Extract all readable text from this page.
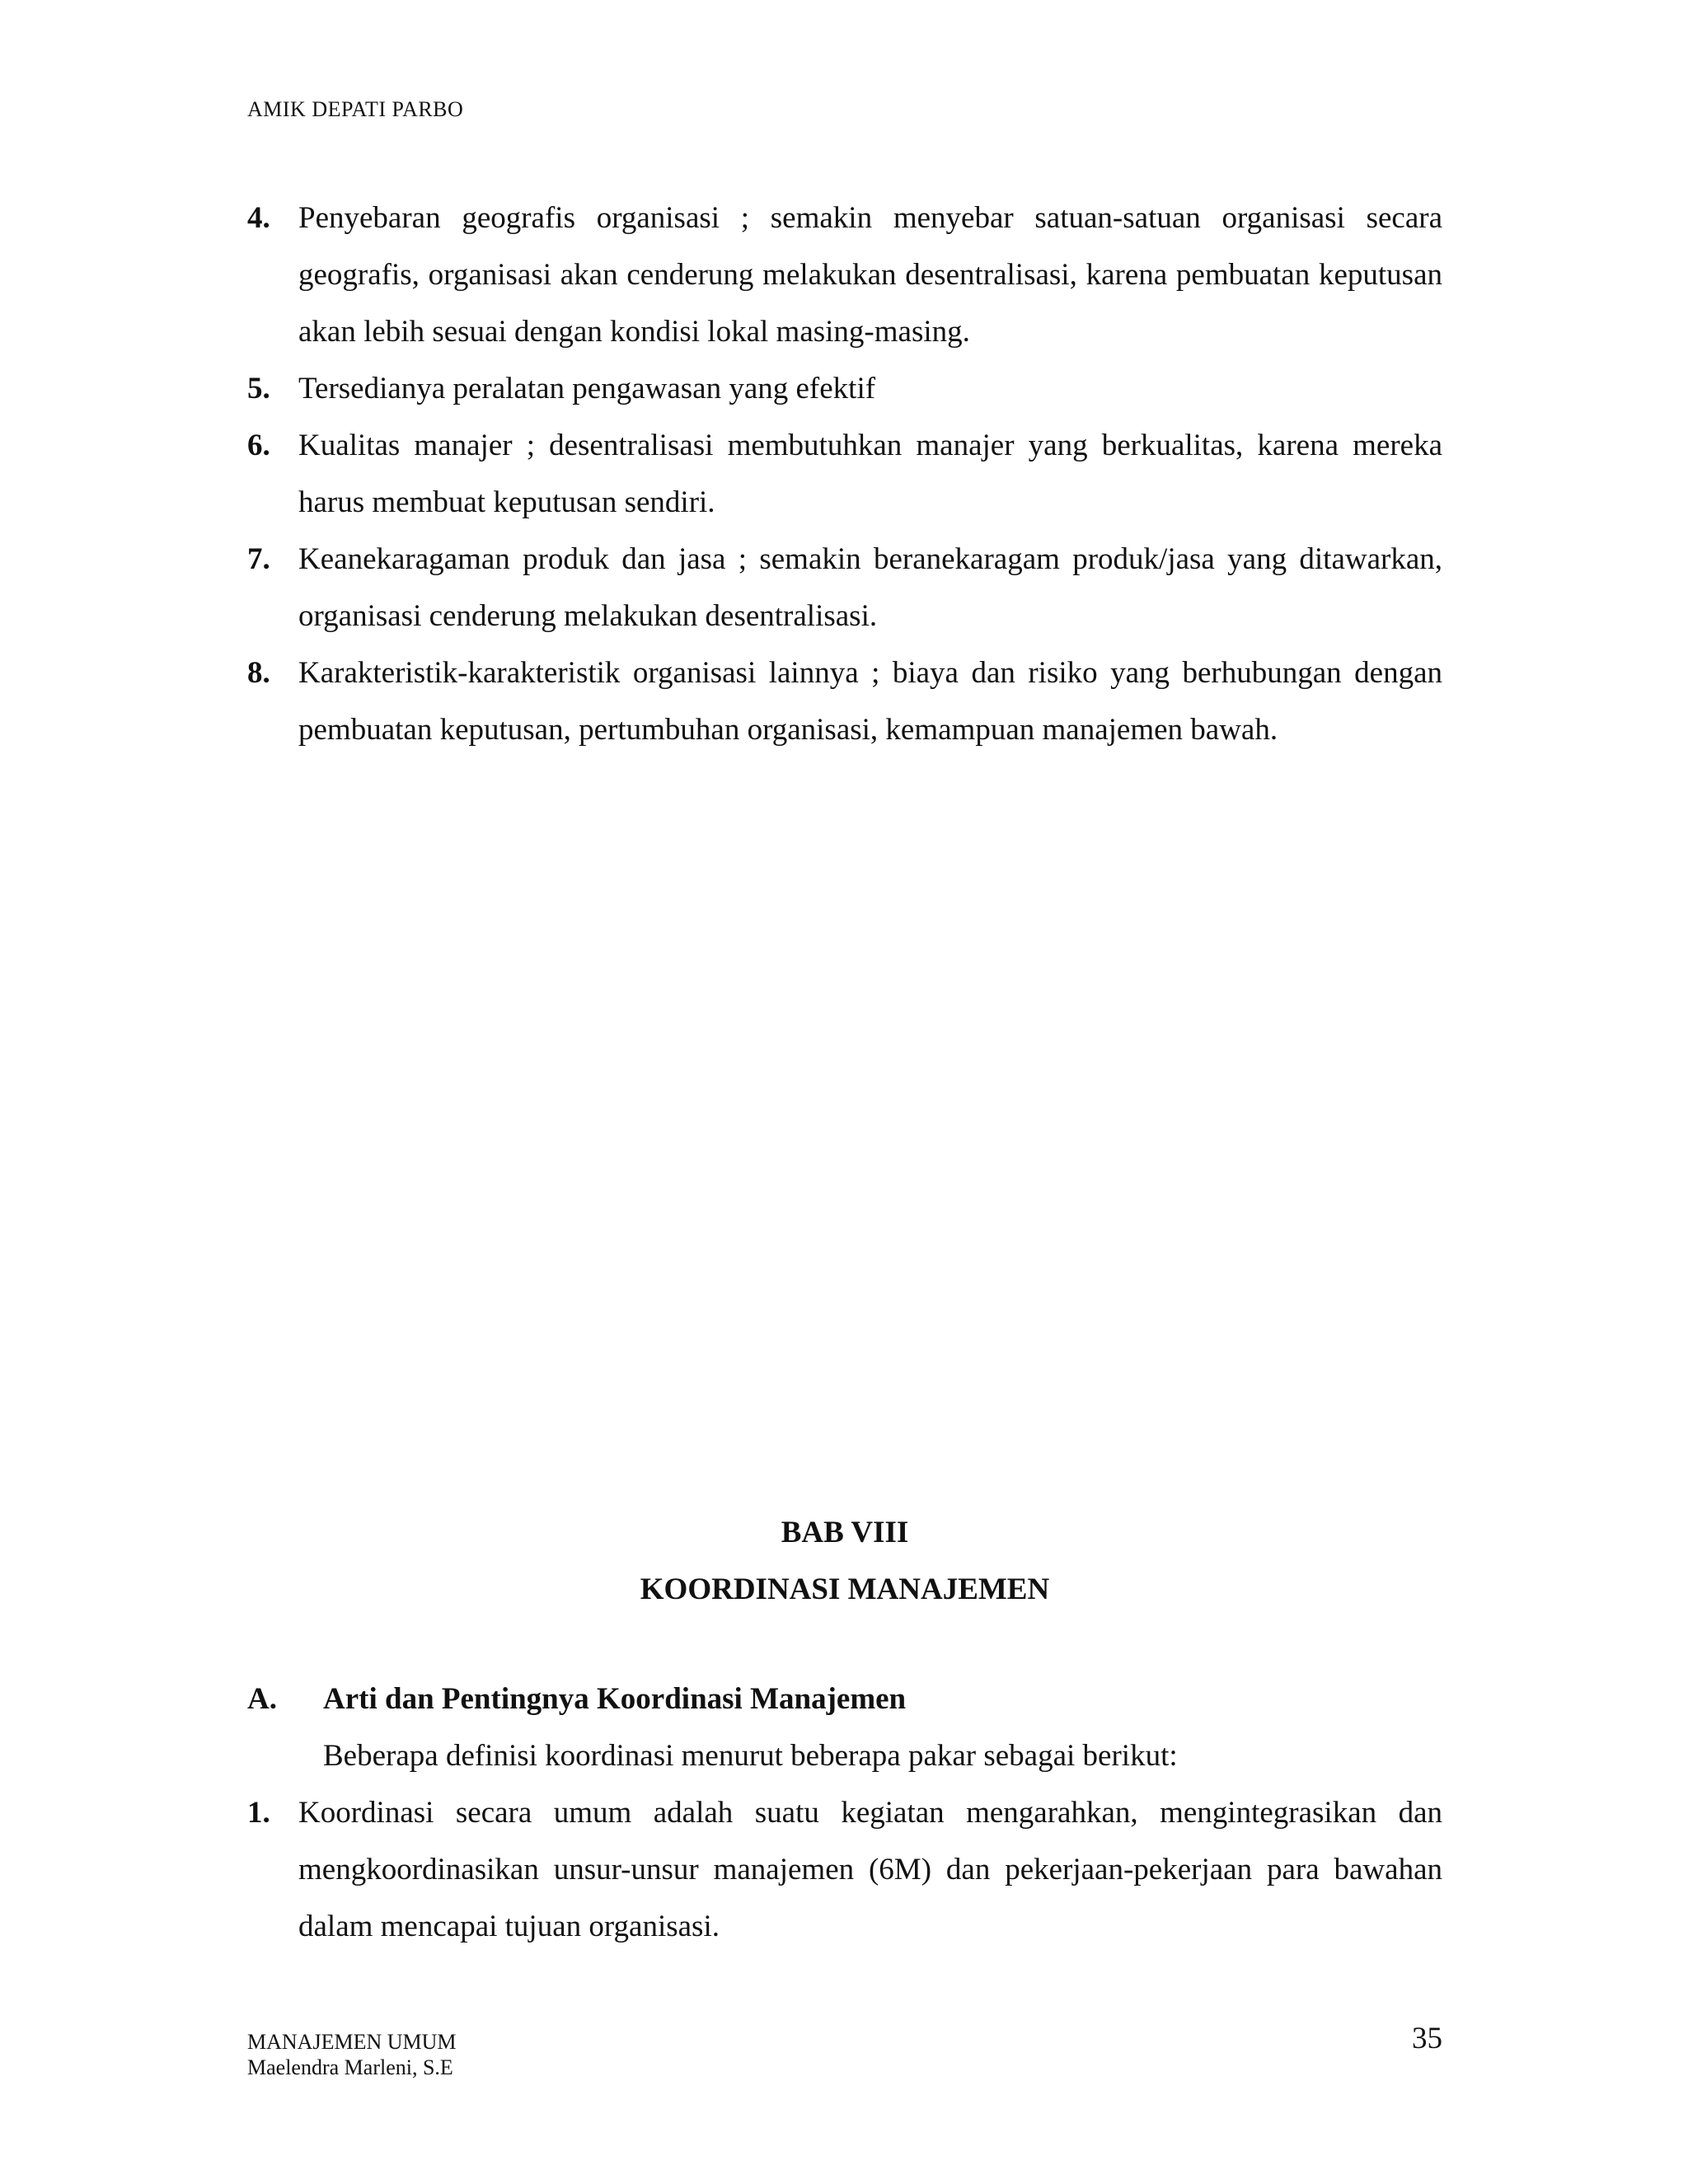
AMIK DEPATI PARBO
4. Penyebaran geografis organisasi ; semakin menyebar satuan-satuan organisasi secara geografis, organisasi akan cenderung melakukan desentralisasi, karena pembuatan keputusan akan lebih sesuai dengan kondisi lokal masing-masing.
5. Tersedianya peralatan pengawasan yang efektif
6. Kualitas manajer ; desentralisasi membutuhkan manajer yang berkualitas, karena mereka harus membuat keputusan sendiri.
7. Keanekaragaman produk dan jasa ; semakin beranekaragam produk/jasa yang ditawarkan, organisasi cenderung melakukan desentralisasi.
8. Karakteristik-karakteristik organisasi lainnya ; biaya dan risiko yang berhubungan dengan pembuatan keputusan, pertumbuhan organisasi, kemampuan manajemen bawah.
BAB VIII
KOORDINASI MANAJEMEN
A. Arti dan Pentingnya Koordinasi Manajemen
Beberapa definisi koordinasi menurut beberapa pakar sebagai berikut:
1. Koordinasi secara umum adalah suatu kegiatan mengarahkan, mengintegrasikan dan mengkoordinasikan unsur-unsur manajemen (6M) dan pekerjaan-pekerjaan para bawahan dalam mencapai tujuan organisasi.
MANAJEMEN UMUM
Maelendra Marleni, S.E
35
